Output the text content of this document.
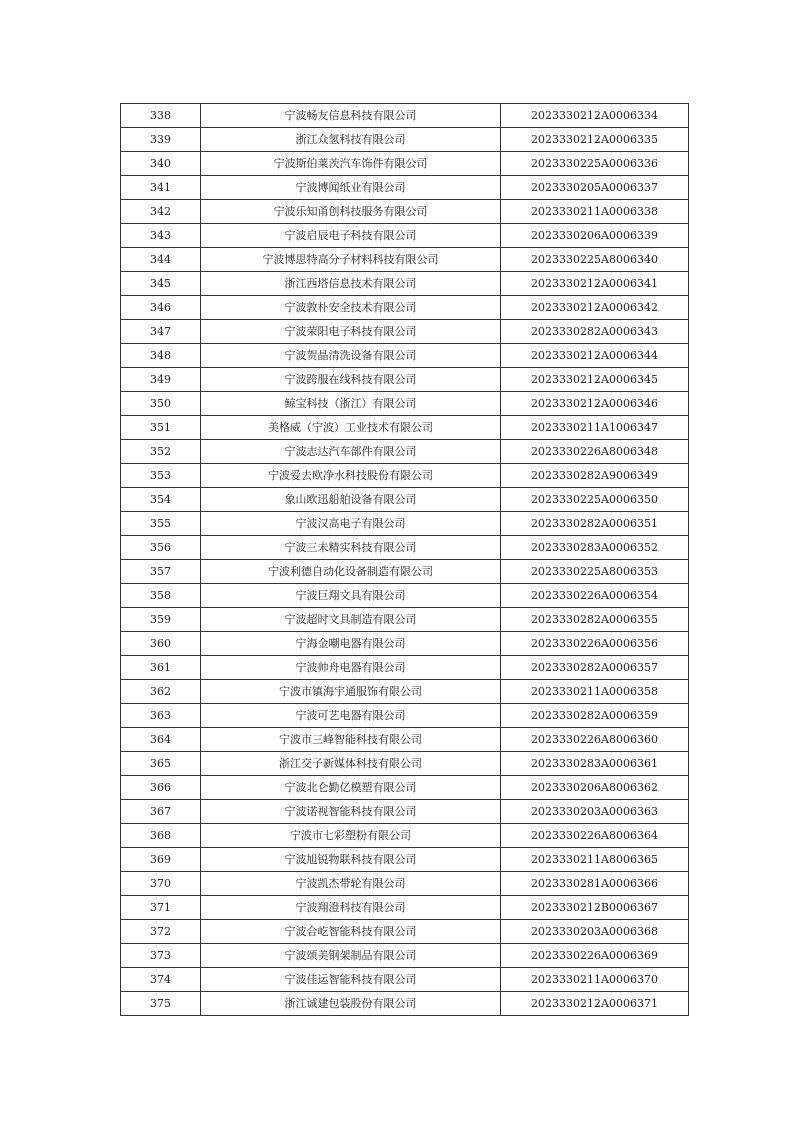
338	宁波畅友信息科技有限公司	2023330212A0006334
339	浙江众氢科技有限公司	2023330212A0006335
340	宁波斯伯莱茨汽车饰件有限公司	2023330225A0006336
341	宁波博闻纸业有限公司	2023330205A0006337
342	宁波乐知甬创科技服务有限公司	2023330211A0006338
343	宁波启辰电子科技有限公司	2023330206A0006339
344	宁波博思特高分子材料科技有限公司	2023330225A8006340
345	浙江西塔信息技术有限公司	2023330212A0006341
346	宁波敦朴安全技术有限公司	2023330212A0006342
347	宁波荣阳电子科技有限公司	2023330282A0006343
348	宁波贺晶清洗设备有限公司	2023330212A0006344
349	宁波跨服在线科技有限公司	2023330212A0006345
350	鲸宝科技（浙江）有限公司	2023330212A0006346
351	美格威（宁波）工业技术有限公司	2023330211A1006347
352	宁波志达汽车部件有限公司	2023330226A8006348
353	宁波爱去欧净水科技股份有限公司	2023330282A9006349
354	象山欧迅船舶设备有限公司	2023330225A0006350
355	宁波汉高电子有限公司	2023330282A0006351
356	宁波三未精实科技有限公司	2023330283A0006352
357	宁波利德自动化设备制造有限公司	2023330225A8006353
358	宁波巨翔文具有限公司	2023330226A0006354
359	宁波超时文具制造有限公司	2023330282A0006355
360	宁海金嘲电器有限公司	2023330226A0006356
361	宁波帅舟电器有限公司	2023330282A0006357
362	宁波市镇海宇通服饰有限公司	2023330211A0006358
363	宁波可艺电器有限公司	2023330282A0006359
364	宁波市三峰智能科技有限公司	2023330226A8006360
365	浙江交子新媒体科技有限公司	2023330283A0006361
366	宁波北仑勤亿模塑有限公司	2023330206A8006362
367	宁波诺视智能科技有限公司	2023330203A0006363
368	宁波市七彩塑粉有限公司	2023330226A8006364
369	宁波旭锐物联科技有限公司	2023330211A8006365
370	宁波凯杰带轮有限公司	2023330281A0006366
371	宁波翔澄科技有限公司	2023330212B0006367
372	宁波合屹智能科技有限公司	2023330203A0006368
373	宁波颂美钢架制品有限公司	2023330226A0006369
374	宁波佳运智能科技有限公司	2023330211A0006370
375	浙江诚建包装股份有限公司	2023330212A0006371
